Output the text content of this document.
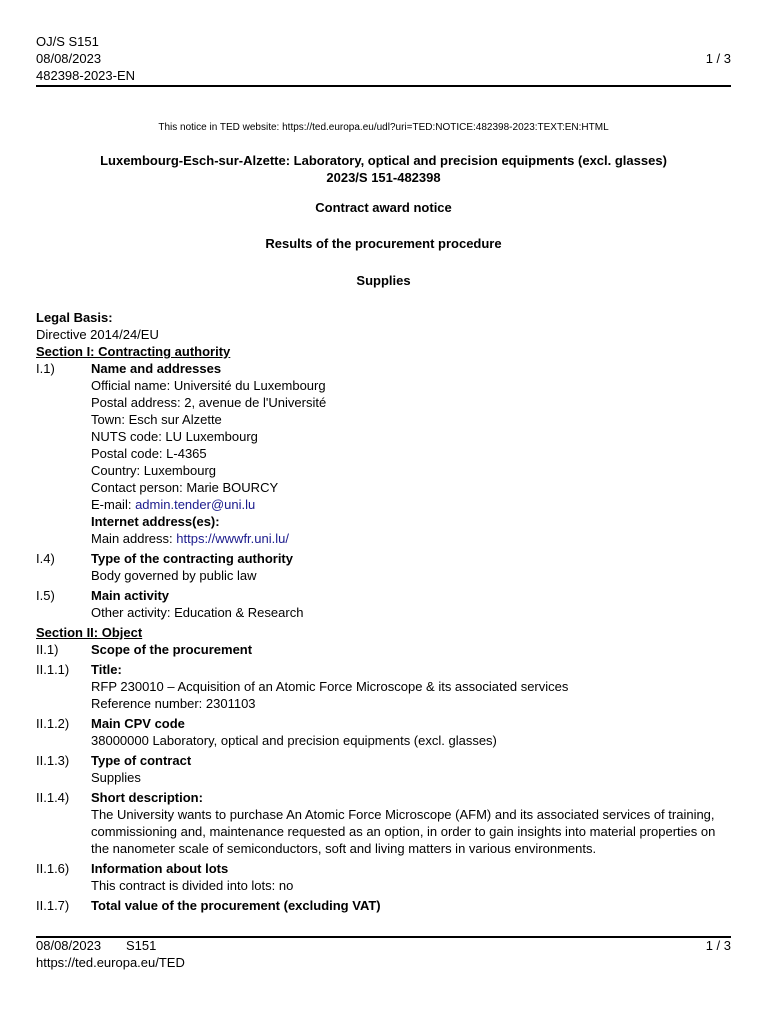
OJ/S S151
08/08/2023
482398-2023-EN
1 / 3
This notice in TED website: https://ted.europa.eu/udl?uri=TED:NOTICE:482398-2023:TEXT:EN:HTML
Luxembourg-Esch-sur-Alzette: Laboratory, optical and precision equipments (excl. glasses)
2023/S 151-482398
Contract award notice
Results of the procurement procedure
Supplies
Legal Basis:
Directive 2014/24/EU
Section I: Contracting authority
I.1)	Name and addresses
Official name: Université du Luxembourg
Postal address: 2, avenue de l'Université
Town: Esch sur Alzette
NUTS code: LU Luxembourg
Postal code: L-4365
Country: Luxembourg
Contact person: Marie BOURCY
E-mail: admin.tender@uni.lu
Internet address(es):
Main address: https://wwwfr.uni.lu/
I.4)	Type of the contracting authority
Body governed by public law
I.5)	Main activity
Other activity: Education & Research
Section II: Object
II.1)	Scope of the procurement
II.1.1)	Title:
RFP 230010 – Acquisition of an Atomic Force Microscope & its associated services
Reference number: 2301103
II.1.2)	Main CPV code
38000000 Laboratory, optical and precision equipments (excl. glasses)
II.1.3)	Type of contract
Supplies
II.1.4)	Short description:
The University wants to purchase An Atomic Force Microscope (AFM) and its associated services of training, commissioning and, maintenance requested as an option, in order to gain insights into material properties on the nanometer scale of semiconductors, soft and living matters in various environments.
II.1.6)	Information about lots
This contract is divided into lots: no
II.1.7)	Total value of the procurement (excluding VAT)
08/08/2023 S151
https://ted.europa.eu/TED
1 / 3
